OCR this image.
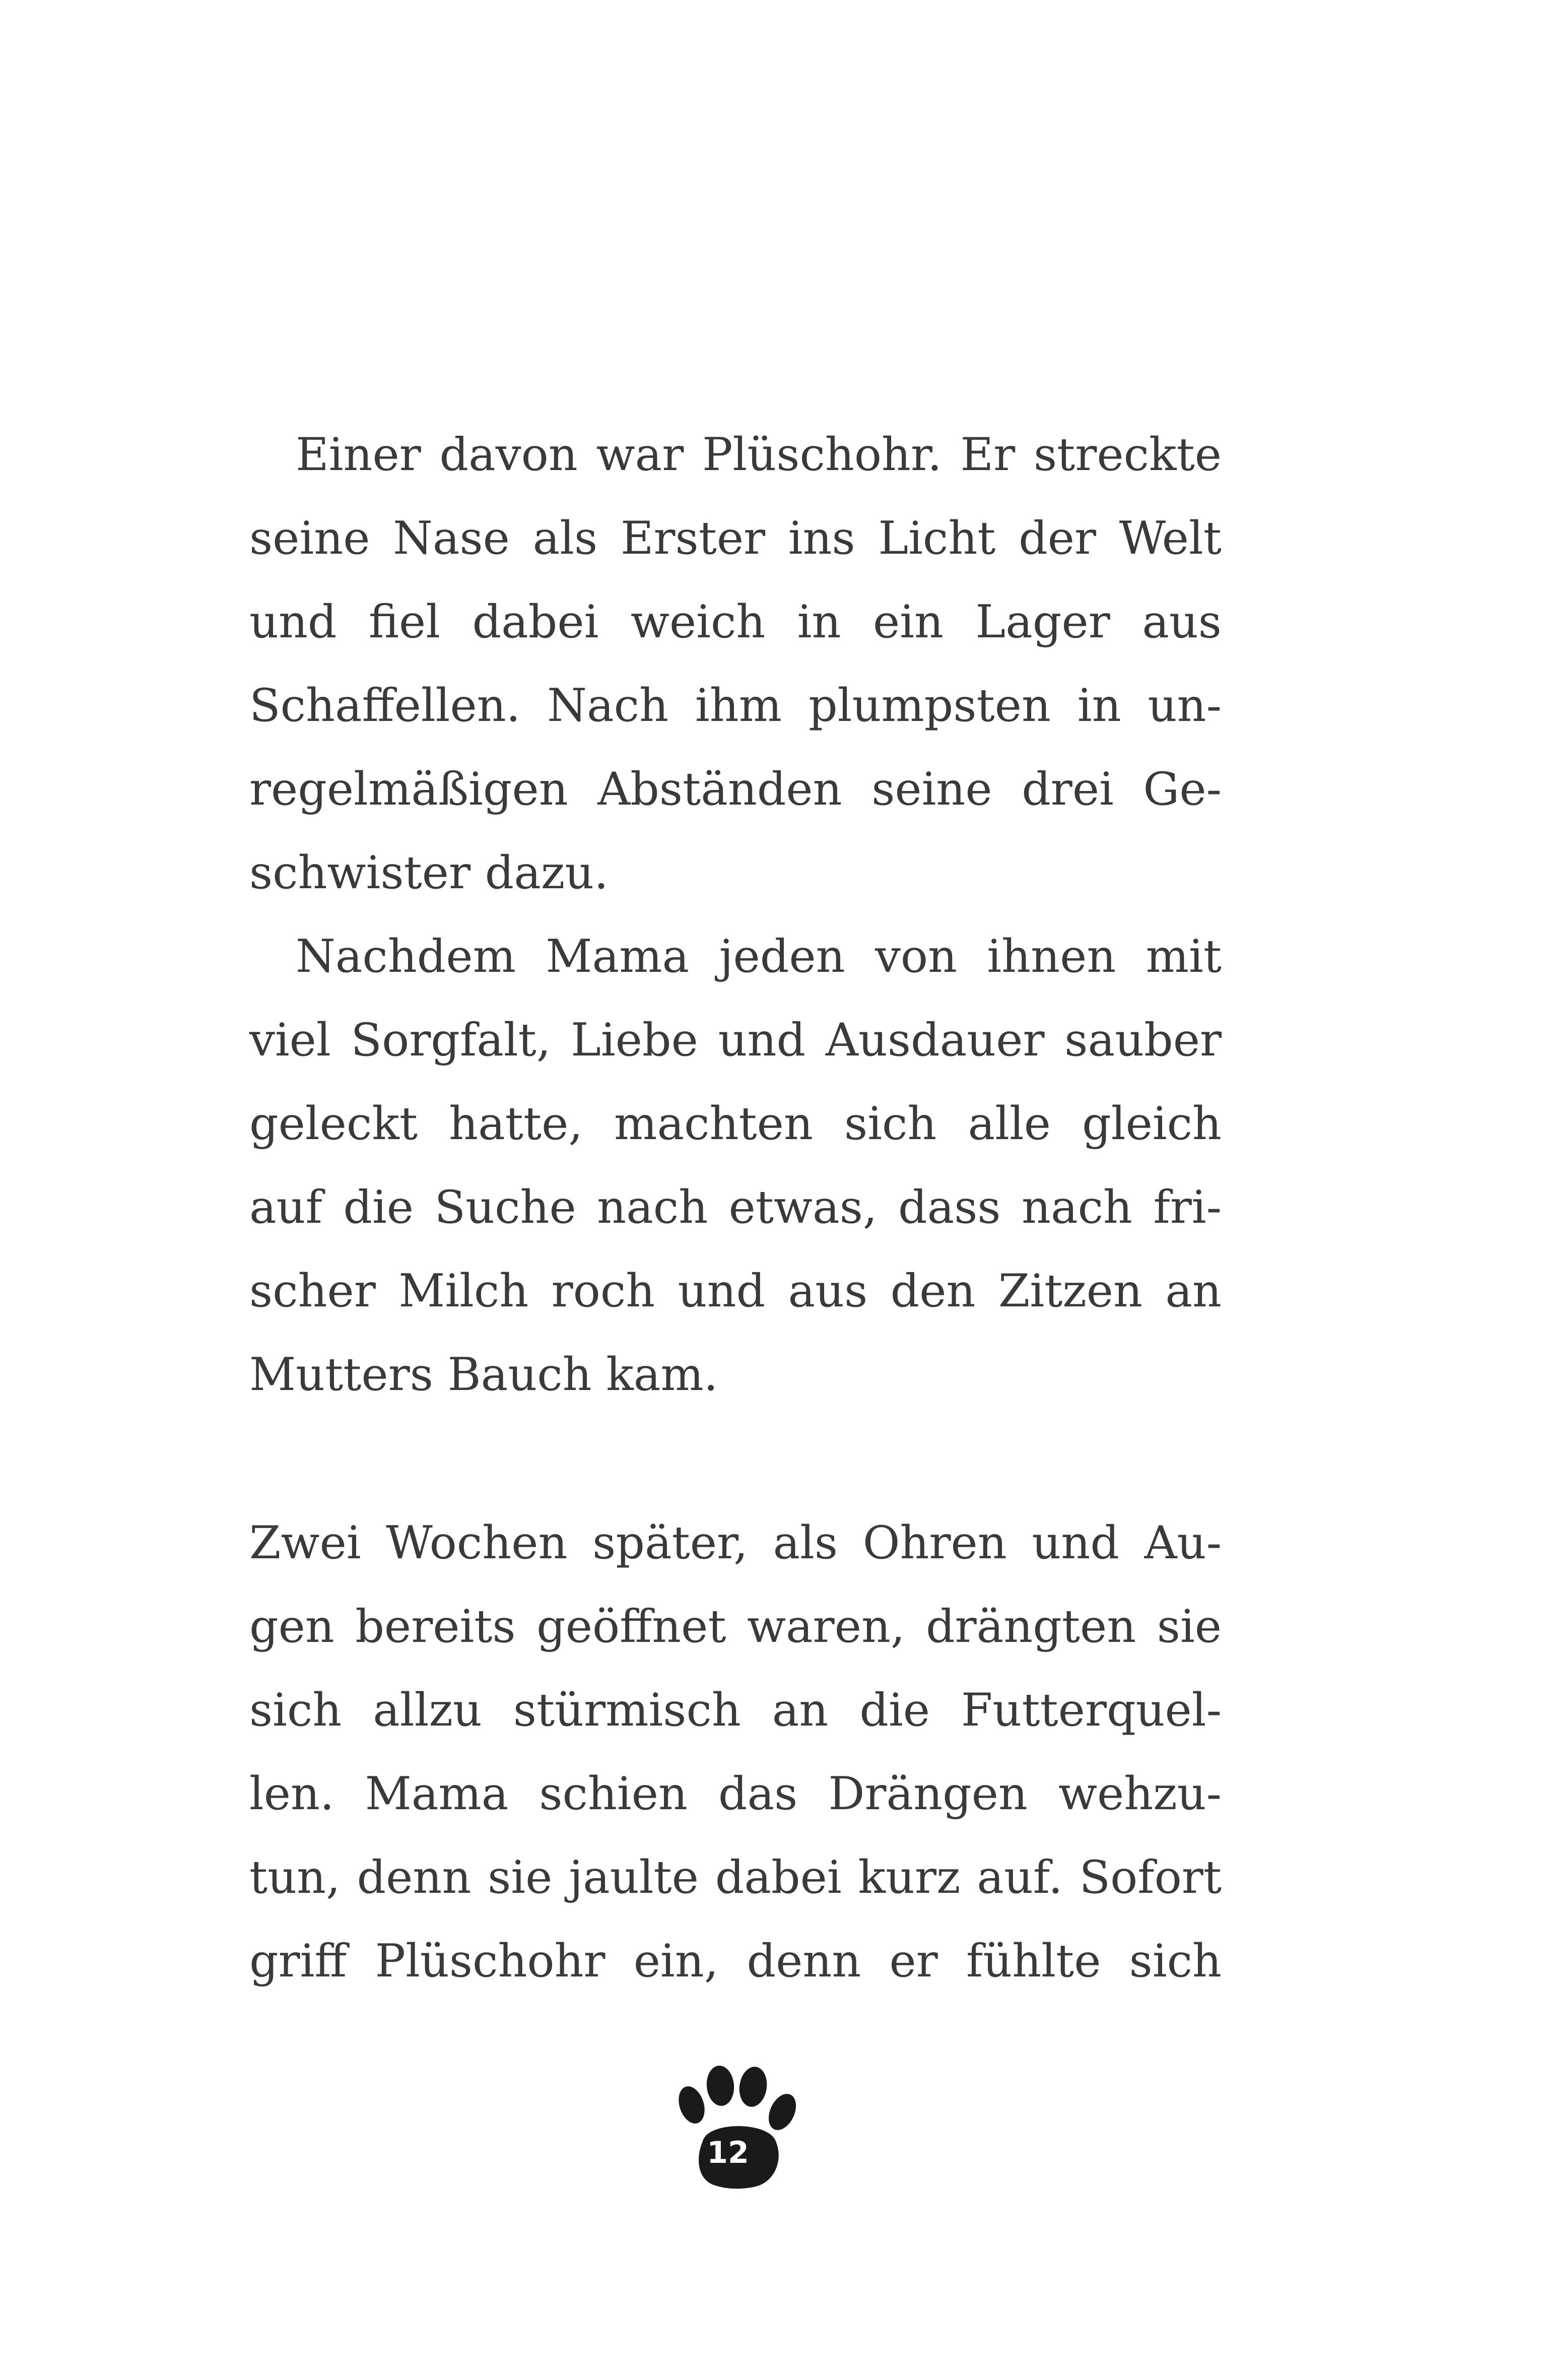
Einer davon war Plüschohr. Er streckte
seine Nase als Erster ins Licht der Welt
und fiel dabei weich in ein Lager aus
Schaffellen. Nach ihm plumpsten in un-
regelmäßigen Abständen seine drei Ge-
schwister dazu.
Nachdem Mama jeden von ihnen mit
viel Sorgfalt, Liebe und Ausdauer sauber
geleckt hatte, machten sich alle gleich
auf die Suche nach etwas, dass nach fri-
scher Milch roch und aus den Zitzen an
Mutters Bauch kam.
Zwei Wochen später, als Ohren und Au-
gen bereits geöffnet waren, drängten sie
sich allzu stürmisch an die Futterquel-
len. Mama schien das Drängen wehzu-
tun, denn sie jaulte dabei kurz auf. Sofort
griff Plüschohr ein, denn er fühlte sich
12
